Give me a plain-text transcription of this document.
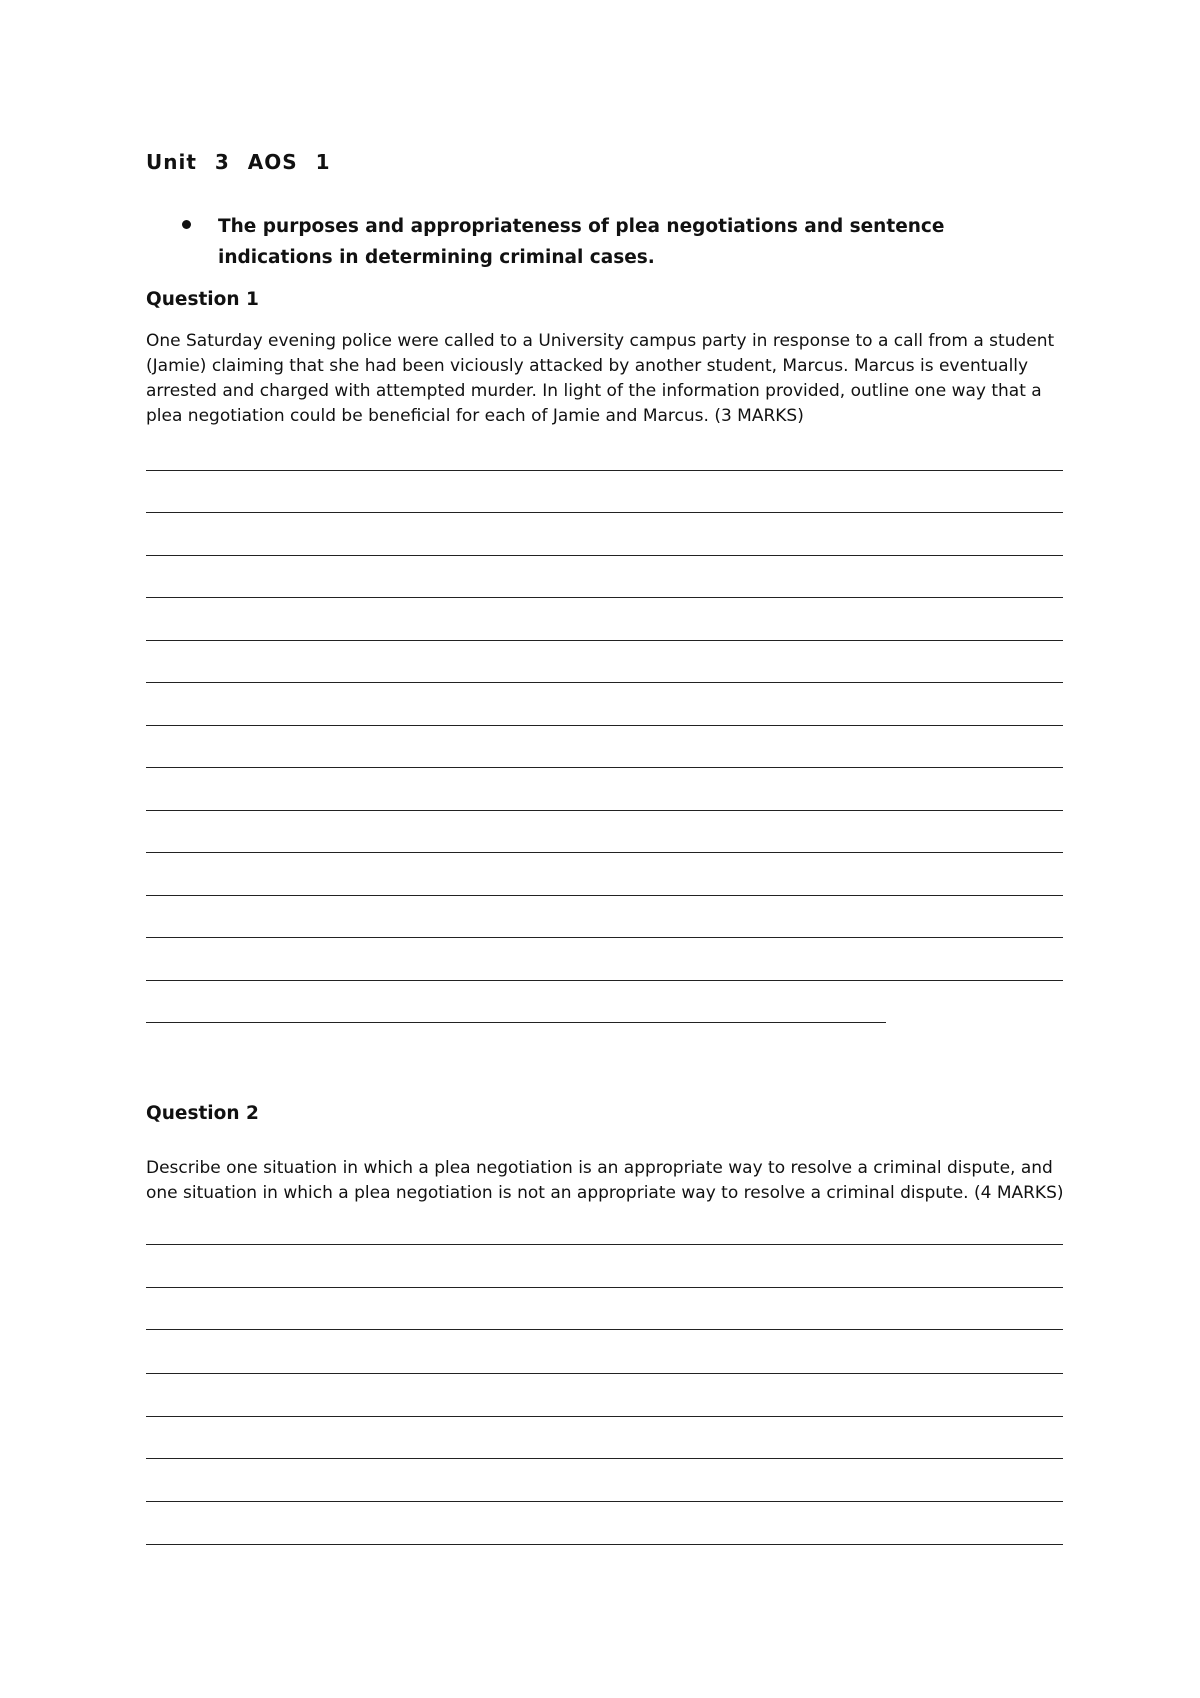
Unit 3 AOS 1
The purposes and appropriateness of plea negotiations and sentence indications in determining criminal cases.
Question 1
One Saturday evening police were called to a University campus party in response to a call from a student (Jamie) claiming that she had been viciously attacked by another student, Marcus. Marcus is eventually arrested and charged with attempted murder. In light of the information provided, outline one way that a plea negotiation could be beneficial for each of Jamie and Marcus. (3 MARKS)
Question 2
Describe one situation in which a plea negotiation is an appropriate way to resolve a criminal dispute, and one situation in which a plea negotiation is not an appropriate way to resolve a criminal dispute. (4 MARKS)
